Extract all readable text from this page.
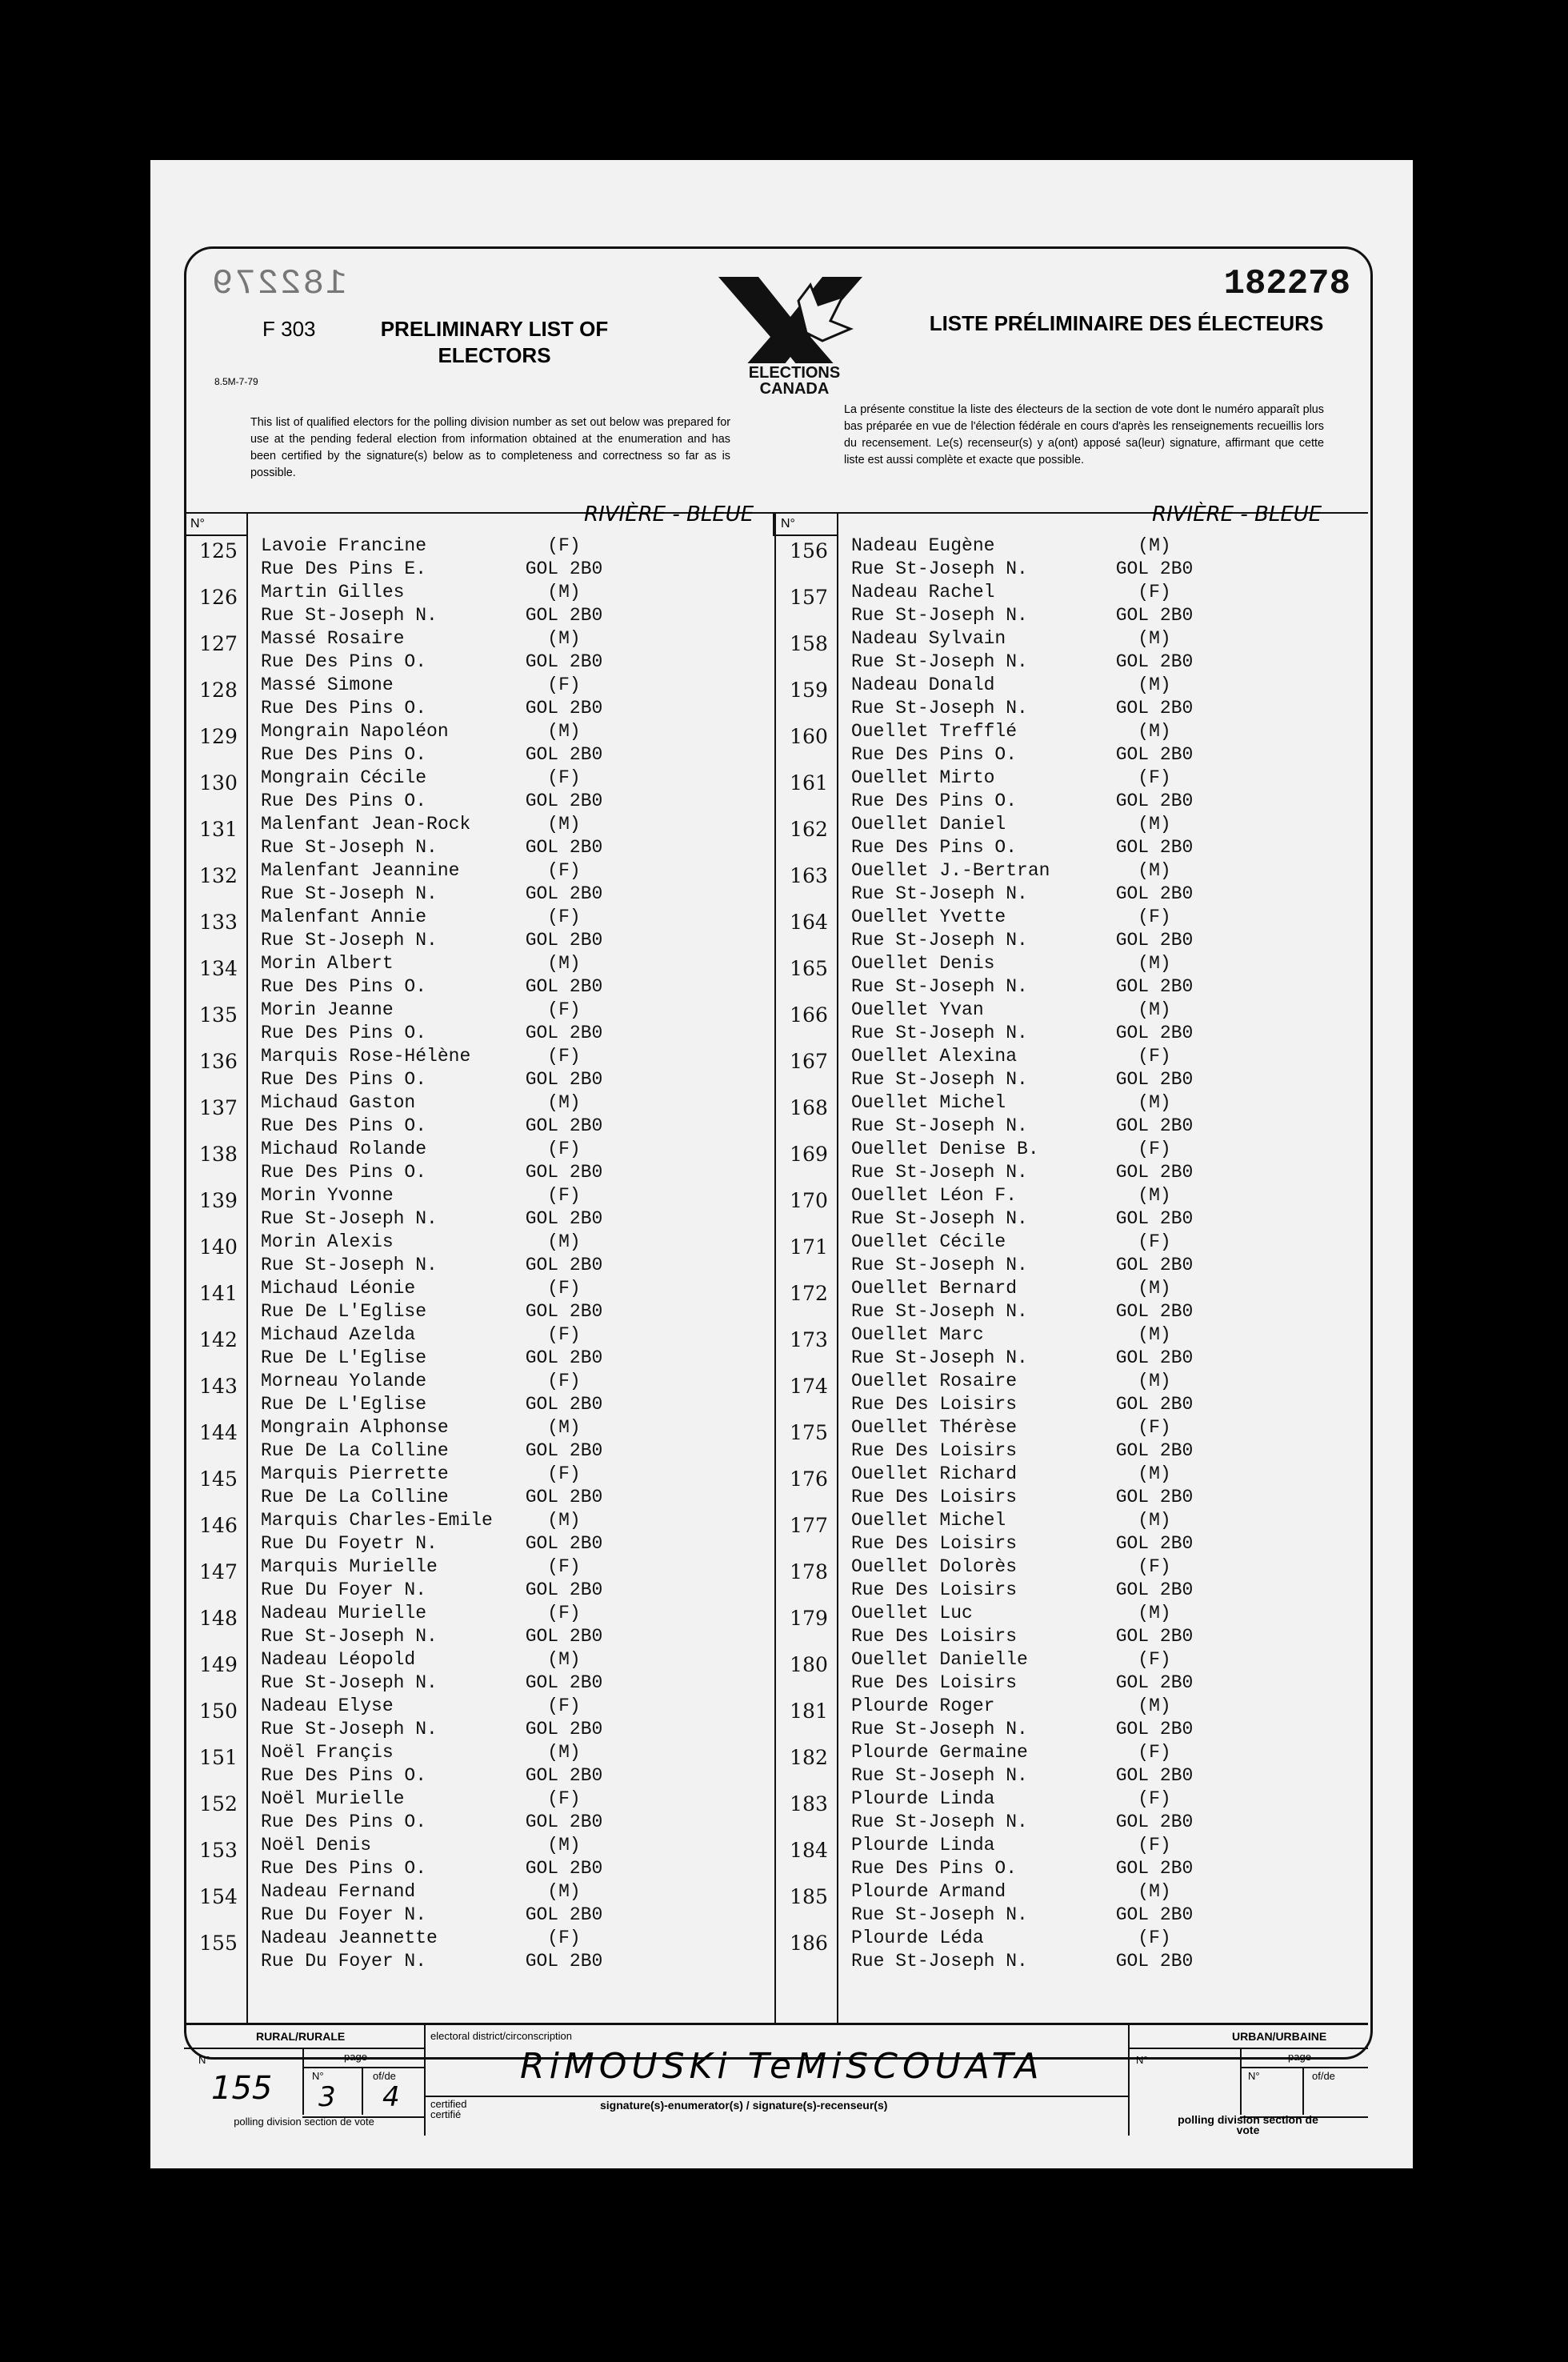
182279	182278
F 303
8.5M-7-79
PRELIMINARY LIST OF ELECTORS
LISTE PRÉLIMINAIRE DES ÉLECTEURS
ELECTIONS
CANADA
This list of qualified electors for the polling division number as set out below was prepared for use at the pending federal election from information obtained at the enumeration and has been certified by the signature(s) below as to completeness and correctness so far as is possible.
La présente constitue la liste des électeurs de la section de vote dont le numéro apparaît plus bas préparée en vue de l'élection fédérale en cours d'après les renseignements recueillis lors du recensement. Le(s) recenseur(s) y a(ont) apposé sa(leur) signature, affirmant que cette liste est aussi complète et exacte que possible.
N°	N°
RIVIÈRE - BLEUE	RIVIÈRE - BLEUE
125	Lavoie Francine	(F)
Rue Des Pins E.	GOL 2B0
126	Martin Gilles	(M)
Rue St-Joseph N.	GOL 2B0
127	Massé Rosaire	(M)
Rue Des Pins O.	GOL 2B0
128	Massé Simone	(F)
Rue Des Pins O.	GOL 2B0
129	Mongrain Napoléon	(M)
Rue Des Pins O.	GOL 2B0
130	Mongrain Cécile	(F)
Rue Des Pins O.	GOL 2B0
131	Malenfant Jean-Rock	(M)
Rue St-Joseph N.	GOL 2B0
132	Malenfant Jeannine	(F)
Rue St-Joseph N.	GOL 2B0
133	Malenfant Annie	(F)
Rue St-Joseph N.	GOL 2B0
134	Morin Albert	(M)
Rue Des Pins O.	GOL 2B0
135	Morin Jeanne	(F)
Rue Des Pins O.	GOL 2B0
136	Marquis Rose-Hélène	(F)
Rue Des Pins O.	GOL 2B0
137	Michaud Gaston	(M)
Rue Des Pins O.	GOL 2B0
138	Michaud Rolande	(F)
Rue Des Pins O.	GOL 2B0
139	Morin Yvonne	(F)
Rue St-Joseph N.	GOL 2B0
140	Morin Alexis	(M)
Rue St-Joseph N.	GOL 2B0
141	Michaud Léonie	(F)
Rue De L'Eglise	GOL 2B0
142	Michaud Azelda	(F)
Rue De L'Eglise	GOL 2B0
143	Morneau Yolande	(F)
Rue De L'Eglise	GOL 2B0
144	Mongrain Alphonse	(M)
Rue De La Colline	GOL 2B0
145	Marquis Pierrette	(F)
Rue De La Colline	GOL 2B0
146	Marquis Charles-Emile	(M)
Rue Du Foyetr N.	GOL 2B0
147	Marquis Murielle	(F)
Rue Du Foyer N.	GOL 2B0
148	Nadeau Murielle	(F)
Rue St-Joseph N.	GOL 2B0
149	Nadeau Léopold	(M)
Rue St-Joseph N.	GOL 2B0
150	Nadeau Elyse	(F)
Rue St-Joseph N.	GOL 2B0
151	Noël Françis	(M)
Rue Des Pins O.	GOL 2B0
152	Noël Murielle	(F)
Rue Des Pins O.	GOL 2B0
153	Noël Denis	(M)
Rue Des Pins O.	GOL 2B0
154	Nadeau Fernand	(M)
Rue Du Foyer N.	GOL 2B0
155	Nadeau Jeannette	(F)
Rue Du Foyer N.	GOL 2B0
156	Nadeau Eugène	(M)
Rue St-Joseph N.	GOL 2B0
157	Nadeau Rachel	(F)
Rue St-Joseph N.	GOL 2B0
158	Nadeau Sylvain	(M)
Rue St-Joseph N.	GOL 2B0
159	Nadeau Donald	(M)
Rue St-Joseph N.	GOL 2B0
160	Ouellet Trefflé	(M)
Rue Des Pins O.	GOL 2B0
161	Ouellet Mirto	(F)
Rue Des Pins O.	GOL 2B0
162	Ouellet Daniel	(M)
Rue Des Pins O.	GOL 2B0
163	Ouellet J.-Bertran	(M)
Rue St-Joseph N.	GOL 2B0
164	Ouellet Yvette	(F)
Rue St-Joseph N.	GOL 2B0
165	Ouellet Denis	(M)
Rue St-Joseph N.	GOL 2B0
166	Ouellet Yvan	(M)
Rue St-Joseph N.	GOL 2B0
167	Ouellet Alexina	(F)
Rue St-Joseph N.	GOL 2B0
168	Ouellet Michel	(M)
Rue St-Joseph N.	GOL 2B0
169	Ouellet Denise B.	(F)
Rue St-Joseph N.	GOL 2B0
170	Ouellet Léon F.	(M)
Rue St-Joseph N.	GOL 2B0
171	Ouellet Cécile	(F)
Rue St-Joseph N.	GOL 2B0
172	Ouellet Bernard	(M)
Rue St-Joseph N.	GOL 2B0
173	Ouellet Marc	(M)
Rue St-Joseph N.	GOL 2B0
174	Ouellet Rosaire	(M)
Rue Des Loisirs	GOL 2B0
175	Ouellet Thérèse	(F)
Rue Des Loisirs	GOL 2B0
176	Ouellet Richard	(M)
Rue Des Loisirs	GOL 2B0
177	Ouellet Michel	(M)
Rue Des Loisirs	GOL 2B0
178	Ouellet Dolorès	(F)
Rue Des Loisirs	GOL 2B0
179	Ouellet Luc	(M)
Rue Des Loisirs	GOL 2B0
180	Ouellet Danielle	(F)
Rue Des Loisirs	GOL 2B0
181	Plourde Roger	(M)
Rue St-Joseph N.	GOL 2B0
182	Plourde Germaine	(F)
Rue St-Joseph N.	GOL 2B0
183	Plourde Linda	(F)
Rue St-Joseph N.	GOL 2B0
184	Plourde Linda	(F)
Rue Des Pins O.	GOL 2B0
185	Plourde Armand	(M)
Rue St-Joseph N.	GOL 2B0
186	Plourde Léda	(F)
Rue St-Joseph N.	GOL 2B0
RURAL/RURALE
N°	page
N°	of/de
155 3 4
polling division section de vote
electoral district/circonscription
RiMOUSKi TeMiSCOUATA
certified certifié
signature(s)-enumerator(s) / signature(s)-recenseur(s)
URBAN/URBAINE
N°	page
N°	of/de
polling division section de vote
